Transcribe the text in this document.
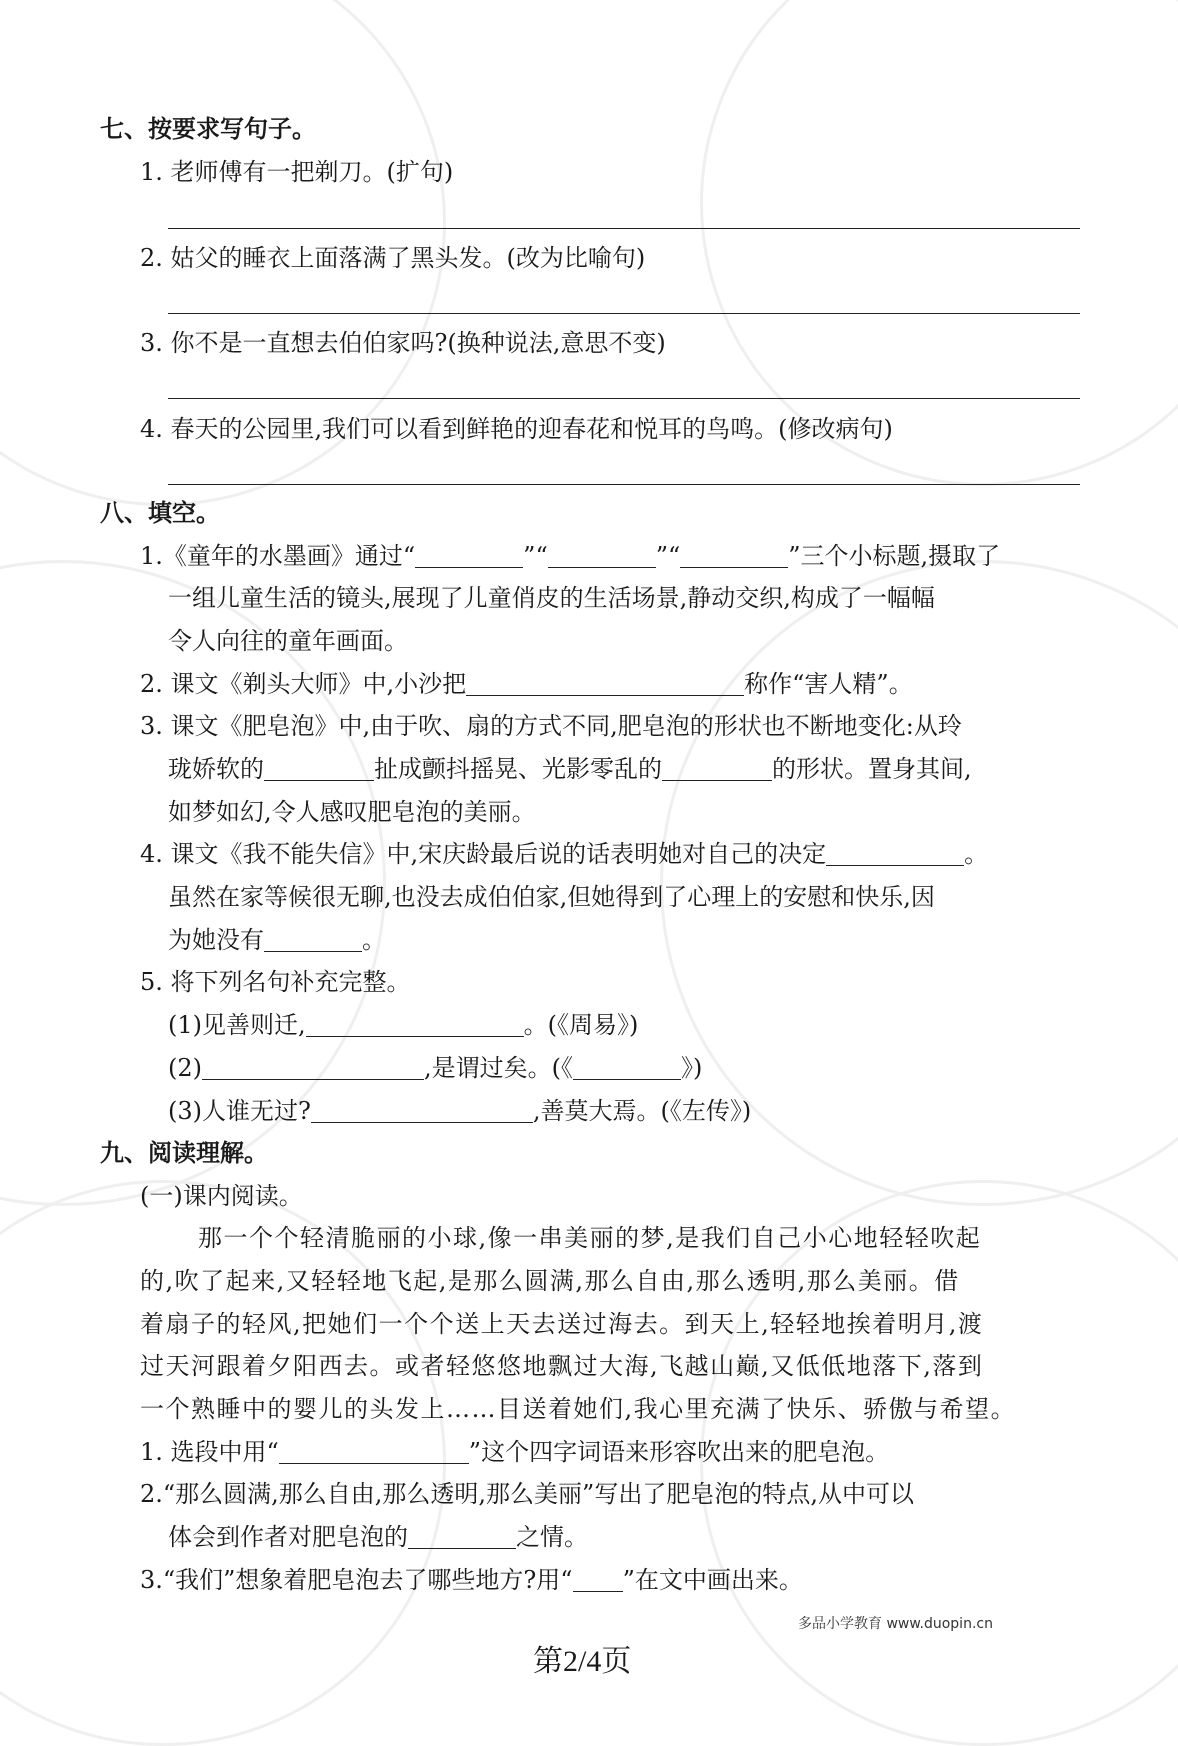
七、按要求写句子。
1. 老师傅有一把剃刀。(扩句)
2. 姑父的睡衣上面落满了黑头发。(改为比喻句)
3. 你不是一直想去伯伯家吗?(换种说法,意思不变)
4. 春天的公园里,我们可以看到鲜艳的迎春花和悦耳的鸟鸣。(修改病句)
八、填空。
1.《童年的水墨画》通过“	”“	”“	”三个小标题,摄取了
一组儿童生活的镜头,展现了儿童俏皮的生活场景,静动交织,构成了一幅幅
令人向往的童年画面。
2. 课文《剃头大师》中,小沙把	称作“害人精”。
3. 课文《肥皂泡》中,由于吹、扇的方式不同,肥皂泡的形状也不断地变化:从玲
珑娇软的	扯成颤抖摇晃、光影零乱的	的形状。置身其间,
如梦如幻,令人感叹肥皂泡的美丽。
4. 课文《我不能失信》中,宋庆龄最后说的话表明她对自己的决定	。
虽然在家等候很无聊,也没去成伯伯家,但她得到了心理上的安慰和快乐,因
为她没有	。
5. 将下列名句补充完整。
(1)见善则迁,	。(《周易》)
(2)	,是谓过矣。(《	》)
(3)人谁无过?	,善莫大焉。(《左传》)
九、阅读理解。
(一)课内阅读。
那一个个轻清脆丽的小球,像一串美丽的梦,是我们自己小心地轻轻吹起
的,吹了起来,又轻轻地飞起,是那么圆满,那么自由,那么透明,那么美丽。借
着扇子的轻风,把她们一个个送上天去送过海去。到天上,轻轻地挨着明月,渡
过天河跟着夕阳西去。或者轻悠悠地飘过大海,飞越山巅,又低低地落下,落到
一个熟睡中的婴儿的头发上……目送着她们,我心里充满了快乐、骄傲与希望。
1. 选段中用“	”这个四字词语来形容吹出来的肥皂泡。
2.“那么圆满,那么自由,那么透明,那么美丽”写出了肥皂泡的特点,从中可以
体会到作者对肥皂泡的	之情。
3.“我们”想象着肥皂泡去了哪些地方?用“ ”在文中画出来。
多品小学教育 www.duopin.cn
第2/4页
